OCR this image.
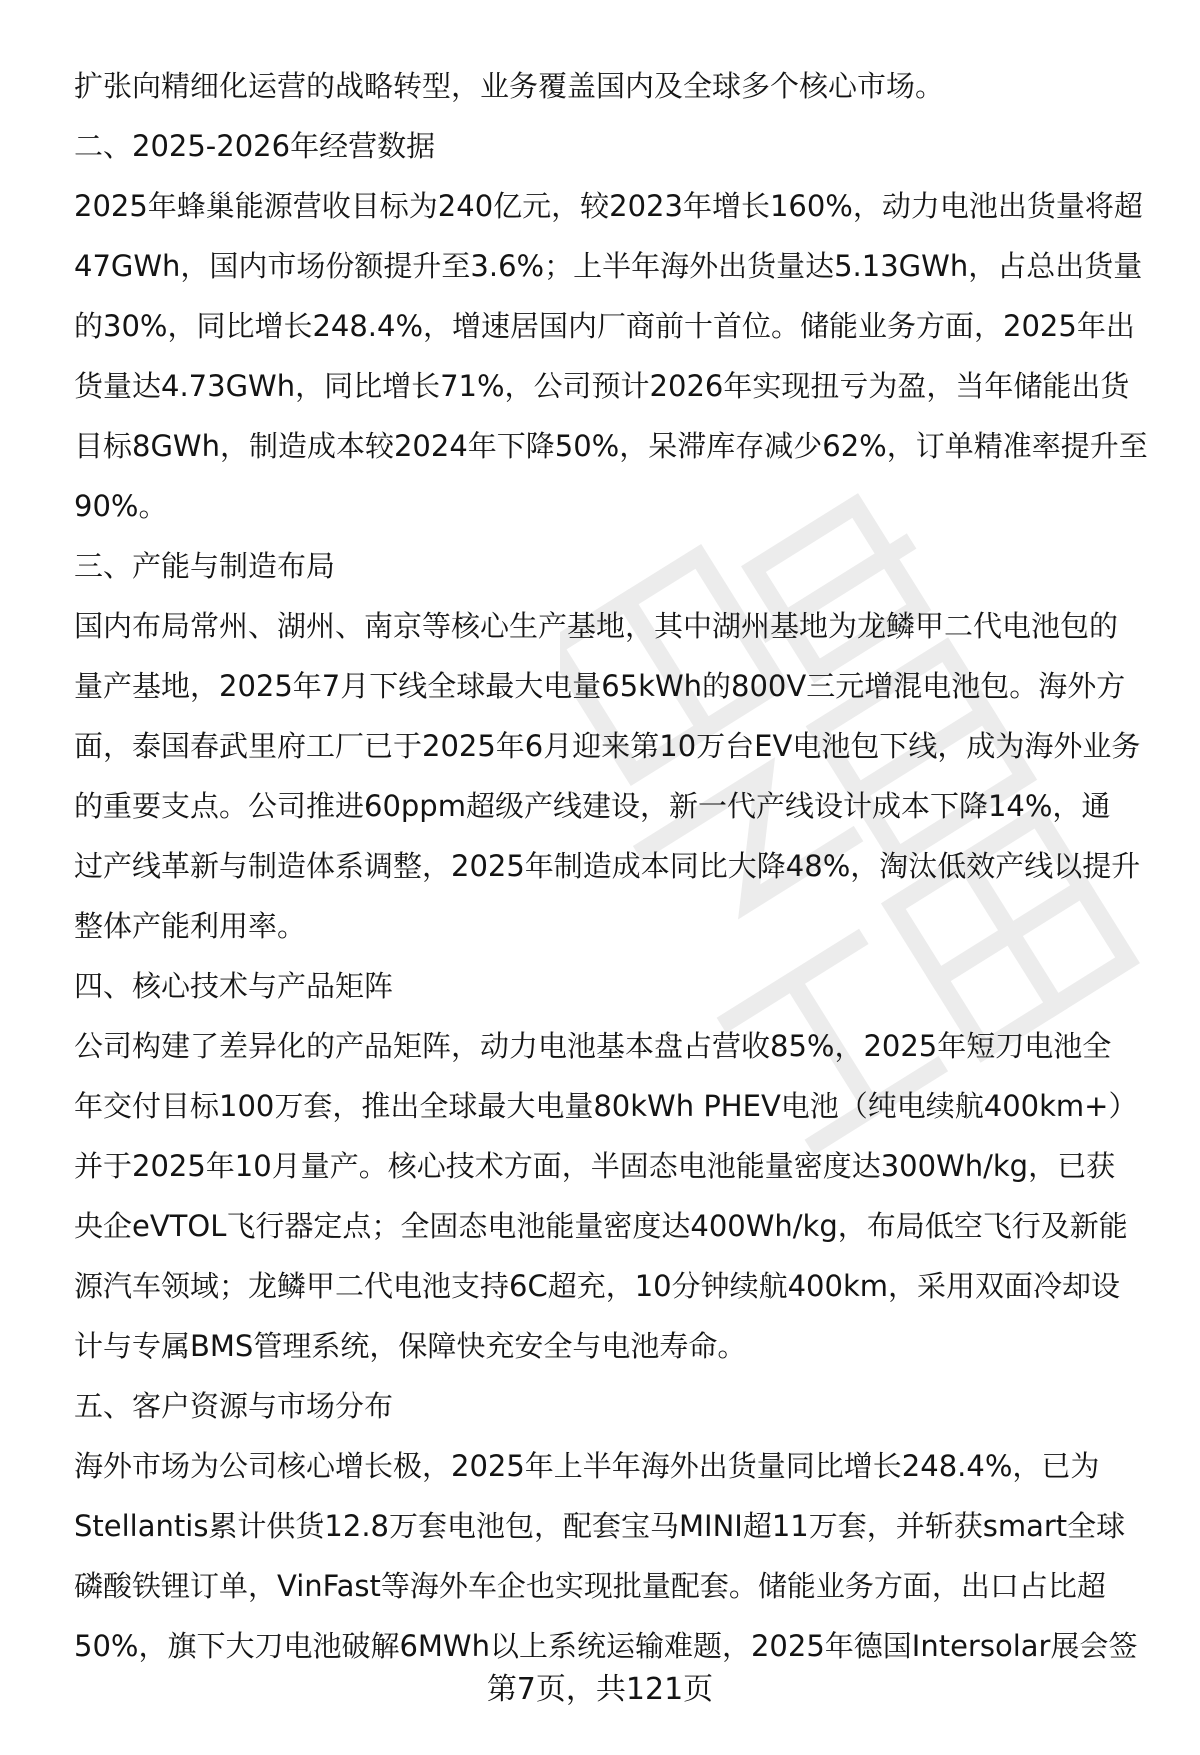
扩张向精细化运营的战略转型，业务覆盖国内及全球多个核心市场。
二、2025-2026年经营数据
2025年蜂巢能源营收目标为240亿元，较2023年增长160%，动力电池出货量将超
47GWh，国内市场份额提升至3.6%；上半年海外出货量达5.13GWh，占总出货量
的30%，同比增长248.4%，增速居国内厂商前十首位。储能业务方面，2025年出
货量达4.73GWh，同比增长71%，公司预计2026年实现扭亏为盈，当年储能出货
目标8GWh，制造成本较2024年下降50%，呆滞库存减少62%，订单精准率提升至
90%。
三、产能与制造布局
国内布局常州、湖州、南京等核心生产基地，其中湖州基地为龙鳞甲二代电池包的
量产基地，2025年7月下线全球最大电量65kWh的800V三元增混电池包。海外方
面，泰国春武里府工厂已于2025年6月迎来第10万台EV电池包下线，成为海外业务
的重要支点。公司推进60ppm超级产线建设，新一代产线设计成本下降14%，通
过产线革新与制造体系调整，2025年制造成本同比大降48%，淘汰低效产线以提升
整体产能利用率。
四、核心技术与产品矩阵
公司构建了差异化的产品矩阵，动力电池基本盘占营收85%，2025年短刀电池全
年交付目标100万套，推出全球最大电量80kWh PHEV电池（纯电续航400km+）
并于2025年10月量产。核心技术方面，半固态电池能量密度达300Wh/kg，已获
央企eVTOL飞行器定点；全固态电池能量密度达400Wh/kg，布局低空飞行及新能
源汽车领域；龙鳞甲二代电池支持6C超充，10分钟续航400km，采用双面冷却设
计与专属BMS管理系统，保障快充安全与电池寿命。
五、客户资源与市场分布
海外市场为公司核心增长极，2025年上半年海外出货量同比增长248.4%，已为
Stellantis累计供货12.8万套电池包，配套宝马MINI超11万套，并斩获smart全球
磷酸铁锂订单，VinFast等海外车企也实现批量配套。储能业务方面，出口占比超
50%，旗下大刀电池破解6MWh以上系统运输难题，2025年德国Intersolar展会签
第7页，共121页
